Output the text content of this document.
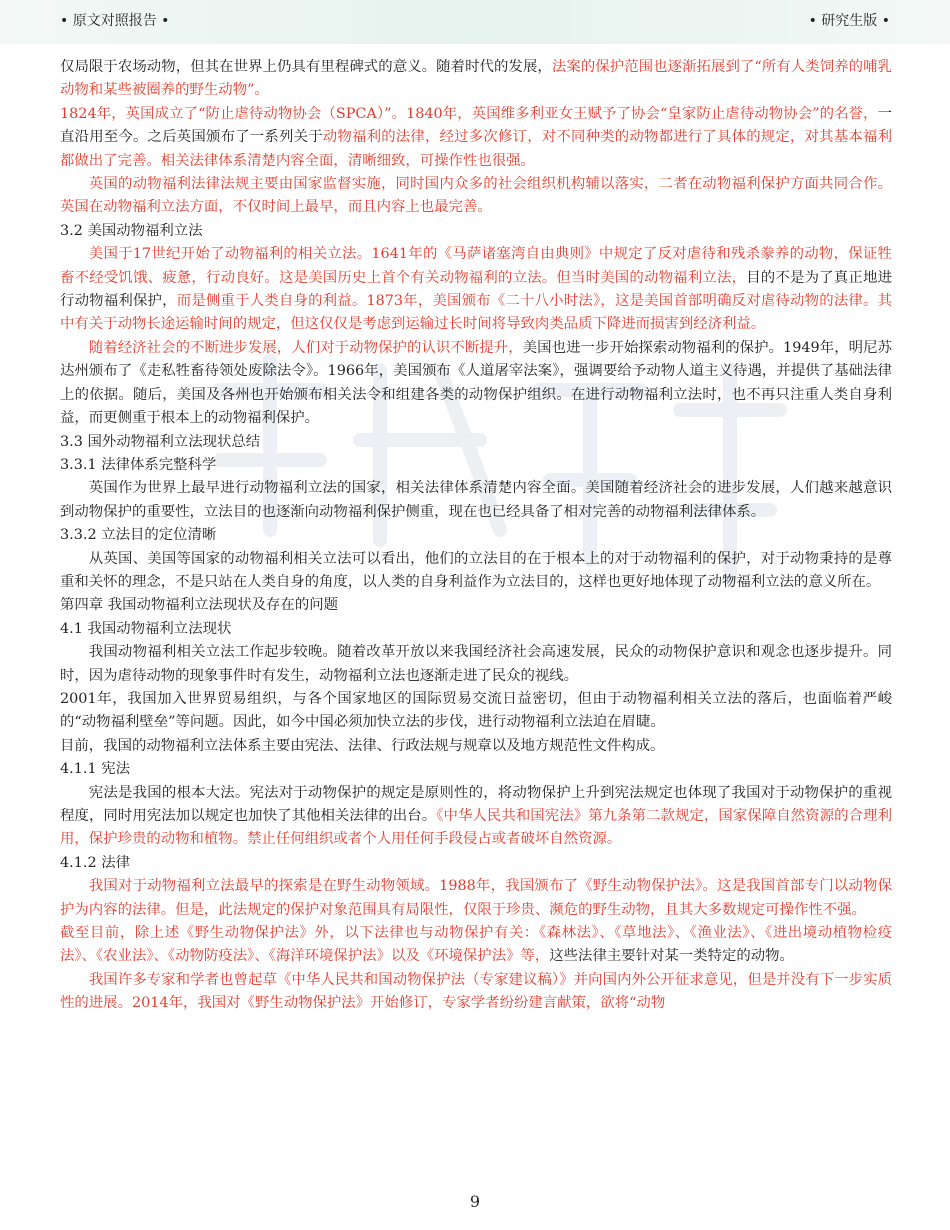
• 原文对照报告 •	• 研究生版 •

仅局限于农场动物，但其在世界上仍具有里程碑式的意义。随着时代的发展，法案的保护范围也逐渐拓展到了“所有人类饲养的哺乳动物和某些被圈养的野生动物”。

1824年，英国成立了“防止虐待动物协会（SPCA）”。1840年，英国维多利亚女王赋予了协会“皇家防止虐待动物协会”的名誉，一直沿用至今。之后英国颁布了一系列关于动物福利的法律，经过多次修订，对不同种类的动物都进行了具体的规定，对其基本福利都做出了完善。相关法律体系清楚内容全面，清晰细致，可操作性也很强。

英国的动物福利法律法规主要由国家监督实施，同时国内众多的社会组织机构辅以落实，二者在动物福利保护方面共同合作。英国在动物福利立法方面，不仅时间上最早，而且内容上也最完善。

3.2 美国动物福利立法

美国于17世纪开始了动物福利的相关立法。1641年的《马萨诸塞湾自由典则》中规定了反对虐待和残杀豢养的动物，保证牲畜不经受饥饿、疲惫，行动良好。这是美国历史上首个有关动物福利的立法。但当时美国的动物福利立法，目的不是为了真正地进行动物福利保护，而是侧重于人类自身的利益。1873年，美国颁布《二十八小时法》，这是美国首部明确反对虐待动物的法律。其中有关于动物长途运输时间的规定，但这仅仅是考虑到运输过长时间将导致肉类品质下降进而损害到经济利益。

随着经济社会的不断进步发展，人们对于动物保护的认识不断提升，美国也进一步开始探索动物福利的保护。1949年，明尼苏达州颁布了《走私牲畜待领处废除法令》。1966年，美国颁布《人道屠宰法案》，强调要给予动物人道主义待遇，并提供了基础法律上的依据。随后，美国及各州也开始颁布相关法令和组建各类的动物保护组织。在进行动物福利立法时，也不再只注重人类自身利益，而更侧重于根本上的动物福利保护。

3.3 国外动物福利立法现状总结

3.3.1 法律体系完整科学

英国作为世界上最早进行动物福利立法的国家，相关法律体系清楚内容全面。美国随着经济社会的进步发展，人们越来越意识到动物保护的重要性，立法目的也逐渐向动物福利保护侧重，现在也已经具备了相对完善的动物福利法律体系。

3.3.2 立法目的定位清晰

从英国、美国等国家的动物福利相关立法可以看出，他们的立法目的在于根本上的对于动物福利的保护，对于动物秉持的是尊重和关怀的理念，不是只站在人类自身的角度，以人类的自身利益作为立法目的，这样也更好地体现了动物福利立法的意义所在。

第四章 我国动物福利立法现状及存在的问题

4.1 我国动物福利立法现状

我国动物福利相关立法工作起步较晚。随着改革开放以来我国经济社会高速发展，民众的动物保护意识和观念也逐步提升。同时，因为虐待动物的现象事件时有发生，动物福利立法也逐渐走进了民众的视线。

2001年，我国加入世界贸易组织，与各个国家地区的国际贸易交流日益密切，但由于动物福利相关立法的落后，也面临着严峻的“动物福利壁垒”等问题。因此，如今中国必须加快立法的步伐，进行动物福利立法迫在眉睫。

目前，我国的动物福利立法体系主要由宪法、法律、行政法规与规章以及地方规范性文件构成。

4.1.1 宪法

宪法是我国的根本大法。宪法对于动物保护的规定是原则性的，将动物保护上升到宪法规定也体现了我国对于动物保护的重视程度，同时用宪法加以规定也加快了其他相关法律的出台。《中华人民共和国宪法》第九条第二款规定，国家保障自然资源的合理利用，保护珍贵的动物和植物。禁止任何组织或者个人用任何手段侵占或者破坏自然资源。

4.1.2 法律

我国对于动物福利立法最早的探索是在野生动物领域。1988年，我国颁布了《野生动物保护法》。这是我国首部专门以动物保护为内容的法律。但是，此法规定的保护对象范围具有局限性，仅限于珍贵、濒危的野生动物，且其大多数规定可操作性不强。

截至目前，除上述《野生动物保护法》外，以下法律也与动物保护有关：《森林法》、《草地法》、《渔业法》、《进出境动植物检疫法》、《农业法》、《动物防疫法》、《海洋环境保护法》以及《环境保护法》等，这些法律主要针对某一类特定的动物。

我国许多专家和学者也曾起草《中华人民共和国动物保护法（专家建议稿）》并向国内外公开征求意见，但是并没有下一步实质性的进展。2014年，我国对《野生动物保护法》开始修订，专家学者纷纷建言献策，欲将“动物

9
